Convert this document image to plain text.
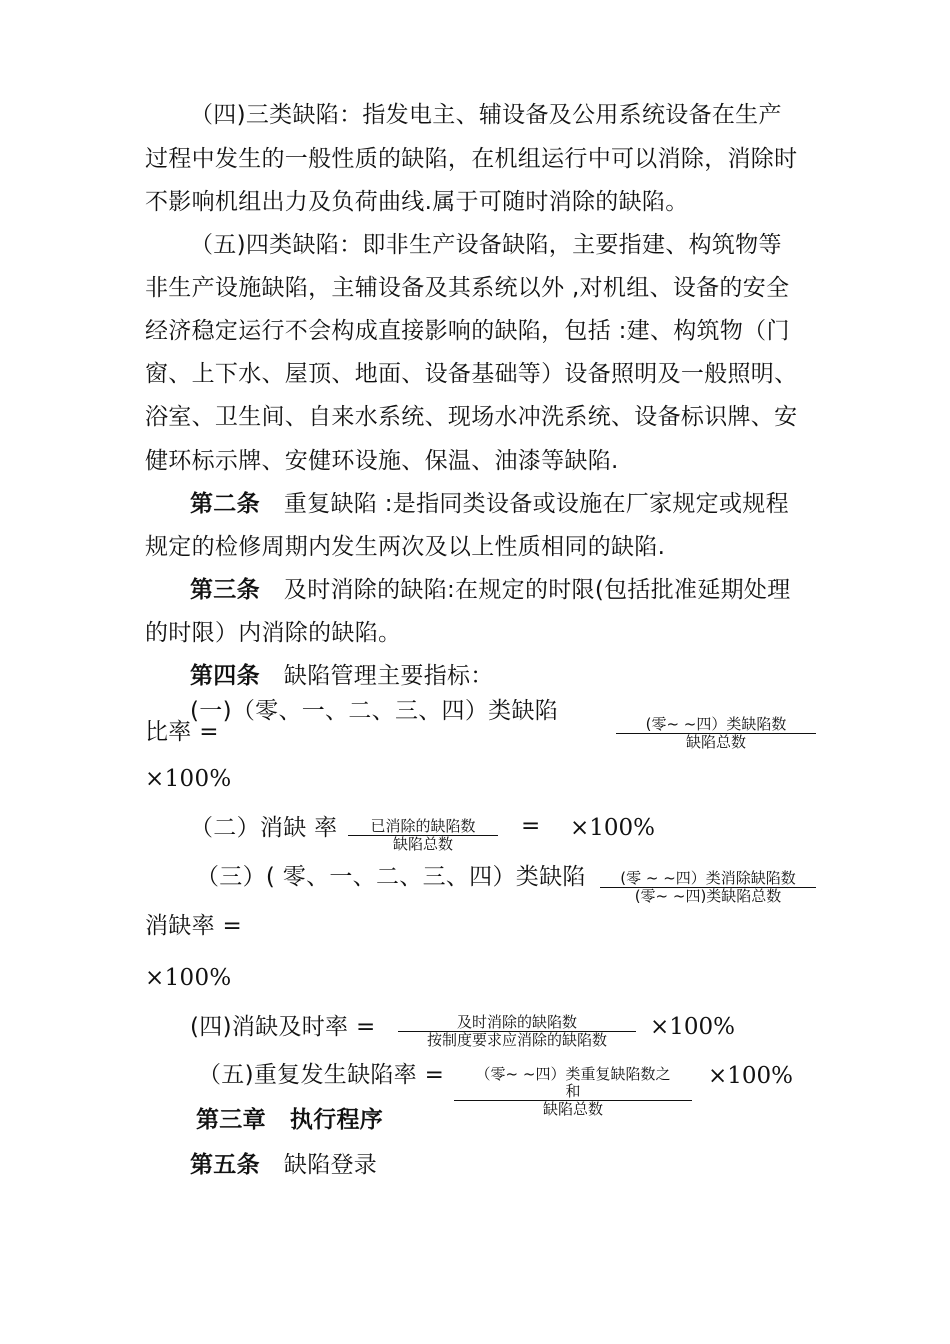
（四)三类缺陷：指发电主、辅设备及公用系统设备在生产
过程中发生的一般性质的缺陷，在机组运行中可以消除，消除时
不影响机组出力及负荷曲线.属于可随时消除的缺陷。
（五)四类缺陷：即非生产设备缺陷，主要指建、构筑物等
非生产设施缺陷，主辅设备及其系统以外 ,对机组、设备的安全
经济稳定运行不会构成直接影响的缺陷，包括 :建、构筑物（门
窗、上下水、屋顶、地面、设备基础等）设备照明及一般照明、
浴室、卫生间、自来水系统、现场水冲洗系统、设备标识牌、安
健环标示牌、安健环设施、保温、油漆等缺陷.
第二条 重复缺陷 :是指同类设备或设施在厂家规定或规程
规定的检修周期内发生两次及以上性质相同的缺陷.
第三条 及时消除的缺陷:在规定的时限(包括批准延期处理
的时限）内消除的缺陷。
第四条 缺陷管理主要指标：
(一)（零、一、二、三、四）类缺陷
比率 =	(零~ ~四）类缺陷数
缺陷总数
×100%
（二）消缺 率	已消除的缺陷数
缺陷总数
= ×100%
（三）( 零、一、二、三、四）类缺陷	(零 ~ ~四）类消除缺陷数
(零~ ~四)类缺陷总数
消缺率 =
×100%
(四)消缺及时率 =	及时消除的缺陷数
按制度要求应消除的缺陷数	×100%
（五)重复发生缺陷率 =	（零~ ~四）类重复缺陷数之
和
缺陷总数
×100%
第三章 执行程序
第五条 缺陷登录
